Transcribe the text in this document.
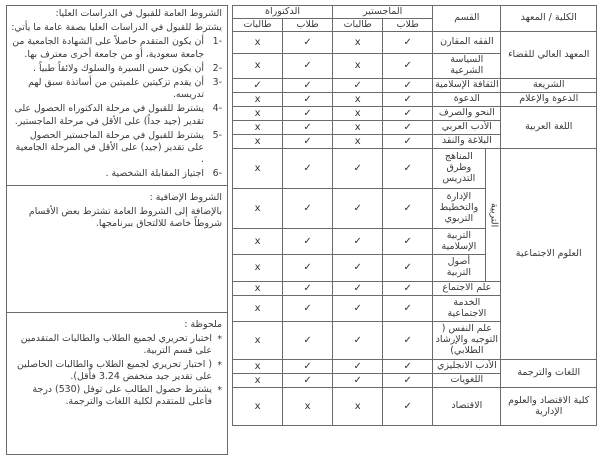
الكلية / المعهد	القسم		الماجستير		الدكتوراة	
			طلاب	طالبات	طلاب	طالبات
المعهد العالي للقضاء	الفقه المقارن		✓	x	✓	x
	السياسة الشرعية		✓	x	✓	x
الشريعة	الثقافة الإسلامية		✓	✓	✓	✓
الدعوة والإعلام	الدعوة		✓	x	✓	x
اللغة العربية	النحو والصرف		✓	x	✓	x
	الأدب العربي		✓	x	✓	x
	البلاغة والنقد		✓	x	✓	x
العلوم الاجتماعية	التربية	المناهج وطرق التدريس	✓	✓	✓	x
		الإدارة والتخطيط التربوي	✓	✓	✓	x
		التربية الإسلامية	✓	✓	✓	x
		أصول التربية	✓	✓	✓	x
	علم الاجتماع		✓	✓	✓	x
	الخدمة الاجتماعية		✓	✓	✓	x
	علم النفس ( التوجيه والإرشاد الطلابي)		✓	✓	✓	x
اللغات والترجمة	الأدب الانجليزي		✓	✓	✓	x
	اللغويات		✓	✓	✓	x
كلية الاقتصاد والعلوم الإدارية	الاقتصاد		✓	x	x	x

الشروط العامة للقبول في الدراسات العليا:

يشترط للقبول في الدراسات العليا بصفة عامة ما يأتي:

-1
أن يكون المتقدم حاصلاً على الشهادة الجامعية من جامعة سعودية، أو من جامعة أخرى معترف بها.
-2
أن يكون حسن السيرة والسلوك ولائقاً طبياً .
-3
أن يقدم تزكيتين علميتين من أساتذة سبق لهم تدريسه.
-4
يشترط للقبول في مرحلة الدكتوراه الحصول على تقدير (جيد جداً) على الأقل في مرحلة الماجستير.
-5
يشترط للقبول في مرحلة الماجستير الحصول على تقدير (جيد) على الأقل في المرحلة الجامعية .
-6
اجتياز المقابلة الشخصية .

الشروط الإضافية :

بالإضافة إلى الشروط العامة تشترط بعض الأقسام شروطاً خاصة للالتحاق ببرنامجها.

ملحوظة :

*
اختبار تحريري لجميع الطلاب والطالبات المتقدمين على قسم التربية.
*
( اختبار تحريري لجميع الطلاب والطالبات الحاصلين على تقدير جيد منخفض 3.24 فأقل).
*
يشترط حصول الطالب على توفل (530) درجة فأعلى للمتقدم لكلية اللغات والترجمة.
